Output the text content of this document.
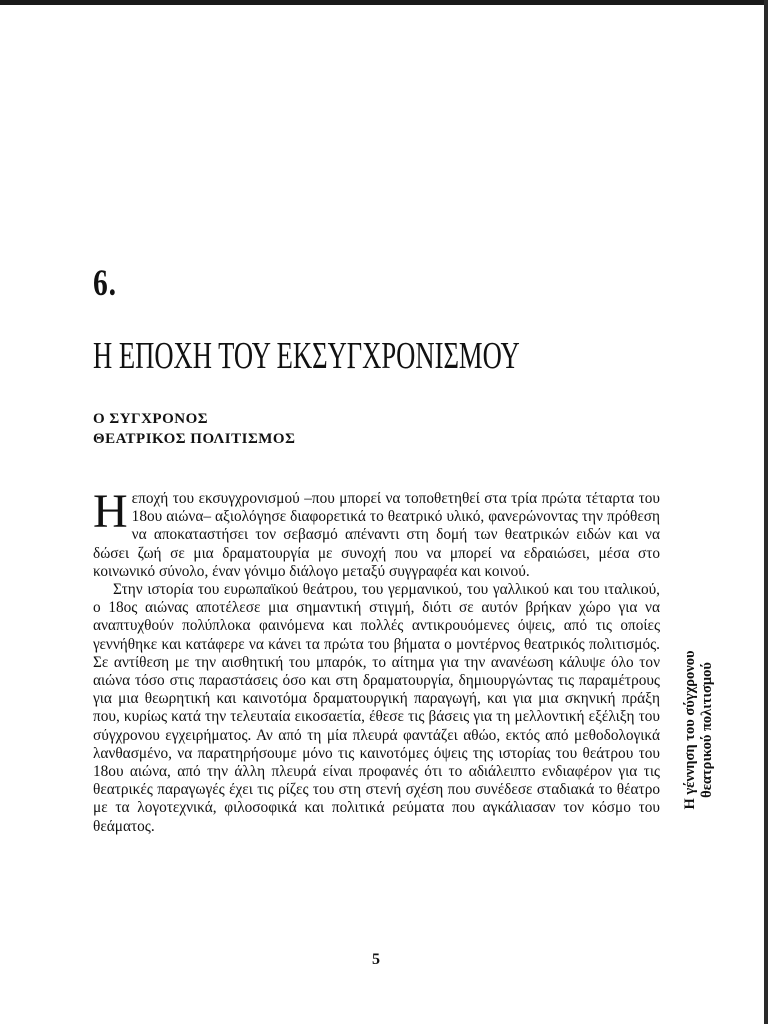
6.
Η ΕΠΟΧΗ ΤΟΥ ΕΚΣΥΓΧΡΟΝΙΣΜΟΥ
Ο ΣΥΓΧΡΟΝΟΣ
ΘΕΑΤΡΙΚΟΣ ΠΟΛΙΤΙΣΜΟΣ

Ηεποχή του εκσυγχρονισμού –που μπορεί να τοποθετηθεί στα τρία πρώτα τέταρτα του 18ου αιώνα– αξιολόγησε διαφορετικά το θεατρικό υλικό, φανερώνοντας την πρόθεση να αποκαταστήσει τον σεβασμό απέναντι στη δομή των θεατρικών ειδών και να δώσει ζωή σε μια δραματουργία με συνοχή που να μπορεί να εδραιώσει, μέσα στο κοινωνικό σύνολο, έναν γόνιμο διάλογο μεταξύ συγγραφέα και κοινού.

Στην ιστορία του ευρωπαϊκού θεάτρου, του γερμανικού, του γαλλικού και του ιταλικού, ο 18ος αιώνας αποτέλεσε μια σημαντική στιγμή, διότι σε αυτόν βρήκαν χώρο για να αναπτυχθούν πολύπλοκα φαινόμενα και πολλές αντικρουόμενες όψεις, από τις οποίες γεννήθηκε και κατάφερε να κάνει τα πρώτα του βήματα ο μοντέρνος θεατρικός πολιτισμός. Σε αντίθεση με την αισθητική του μπαρόκ, το αίτημα για την ανανέωση κάλυψε όλο τον αιώνα τόσο στις παραστάσεις όσο και στη δραματουργία, δημιουργώντας τις παραμέτρους για μια θεωρητική και καινοτόμα δραματουργική παραγωγή, και για μια σκηνική πράξη που, κυρίως κατά την τελευταία εικοσαετία, έθεσε τις βάσεις για τη μελλοντική εξέλιξη του σύγχρονου εγχειρήματος. Αν από τη μία πλευρά φαντάζει αθώο, εκτός από μεθοδολογικά λανθασμένο, να παρατηρήσουμε μόνο τις καινοτόμες όψεις της ιστορίας του θεάτρου του 18ου αιώνα, από την άλλη πλευρά είναι προφανές ότι το αδιάλειπτο ενδιαφέρον για τις θεατρικές παραγωγές έχει τις ρίζες του στη στενή σχέση που συνέδεσε σταδιακά το θέατρο με τα λογοτεχνικά, φιλοσοφικά και πολιτικά ρεύματα που αγκάλιασαν τον κόσμο του θεάματος.

Η γέννηση του σύγχρονου θεατρικού πολιτισμού
5
